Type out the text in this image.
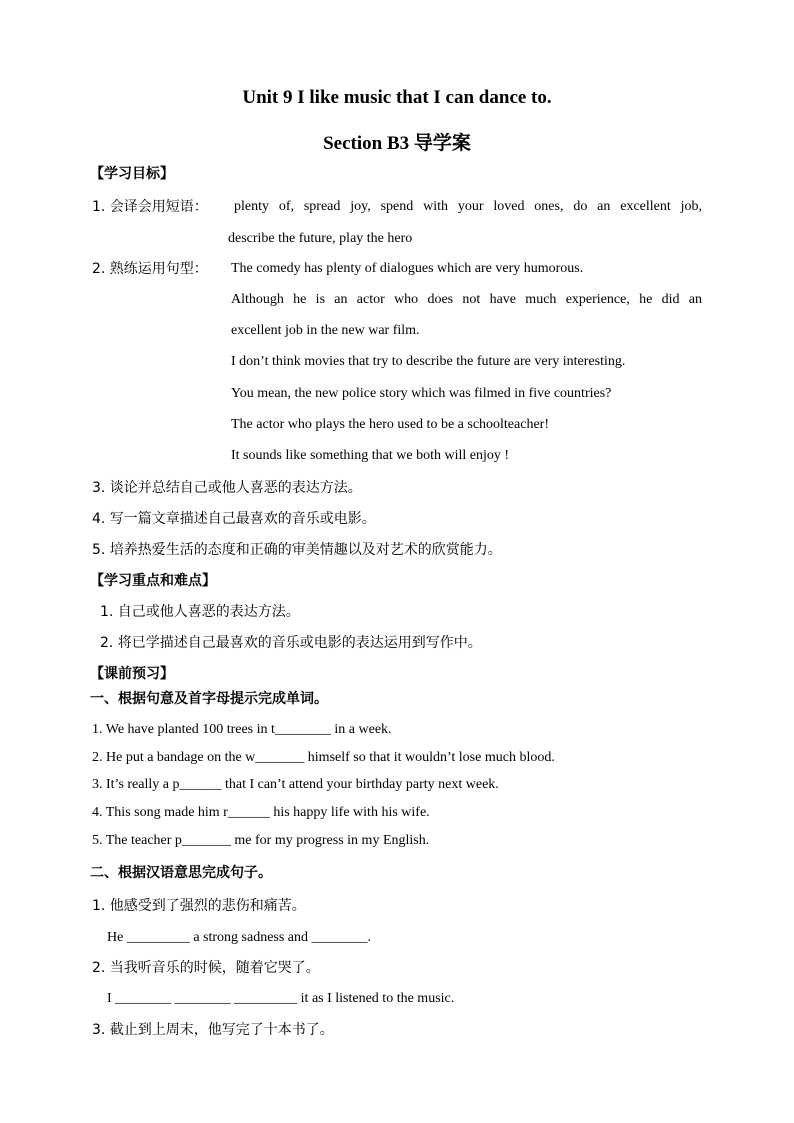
Unit 9 I like music that I can dance to.
Section B3 导学案
【学习目标】
1. 会译会用短语： plenty of, spread joy, spend with your loved ones, do an excellent job,
describe the future, play the hero
2. 熟练运用句型： The comedy has plenty of dialogues which are very humorous.
Although he is an actor who does not have much experience, he did an
excellent job in the new war film.
I don’t think movies that try to describe the future are very interesting.
You mean, the new police story which was filmed in five countries?
The actor who plays the hero used to be a schoolteacher!
It sounds like something that we both will enjoy !
3. 谈论并总结自己或他人喜恶的表达方法。
4. 写一篇文章描述自己最喜欢的音乐或电影。
5. 培养热爱生活的态度和正确的审美情趣以及对艺术的欣赏能力。
【学习重点和难点】
1. 自己或他人喜恶的表达方法。
2. 将已学描述自己最喜欢的音乐或电影的表达运用到写作中。
【课前预习】
一、根据句意及首字母提示完成单词。
1. We have planted 100 trees in t________ in a week.
2. He put a bandage on the w_______ himself so that it wouldn’t lose much blood.
3. It’s really a p______ that I can’t attend your birthday party next week.
4. This song made him r______ his happy life with his wife.
5. The teacher p_______ me for my progress in my English.
二、根据汉语意思完成句子。
1. 他感受到了强烈的悲伤和痛苦。
He _________ a strong sadness and ________.
2. 当我听音乐的时候，随着它哭了。
I ________ ________ _________ it as I listened to the music.
3. 截止到上周末，他写完了十本书了。
